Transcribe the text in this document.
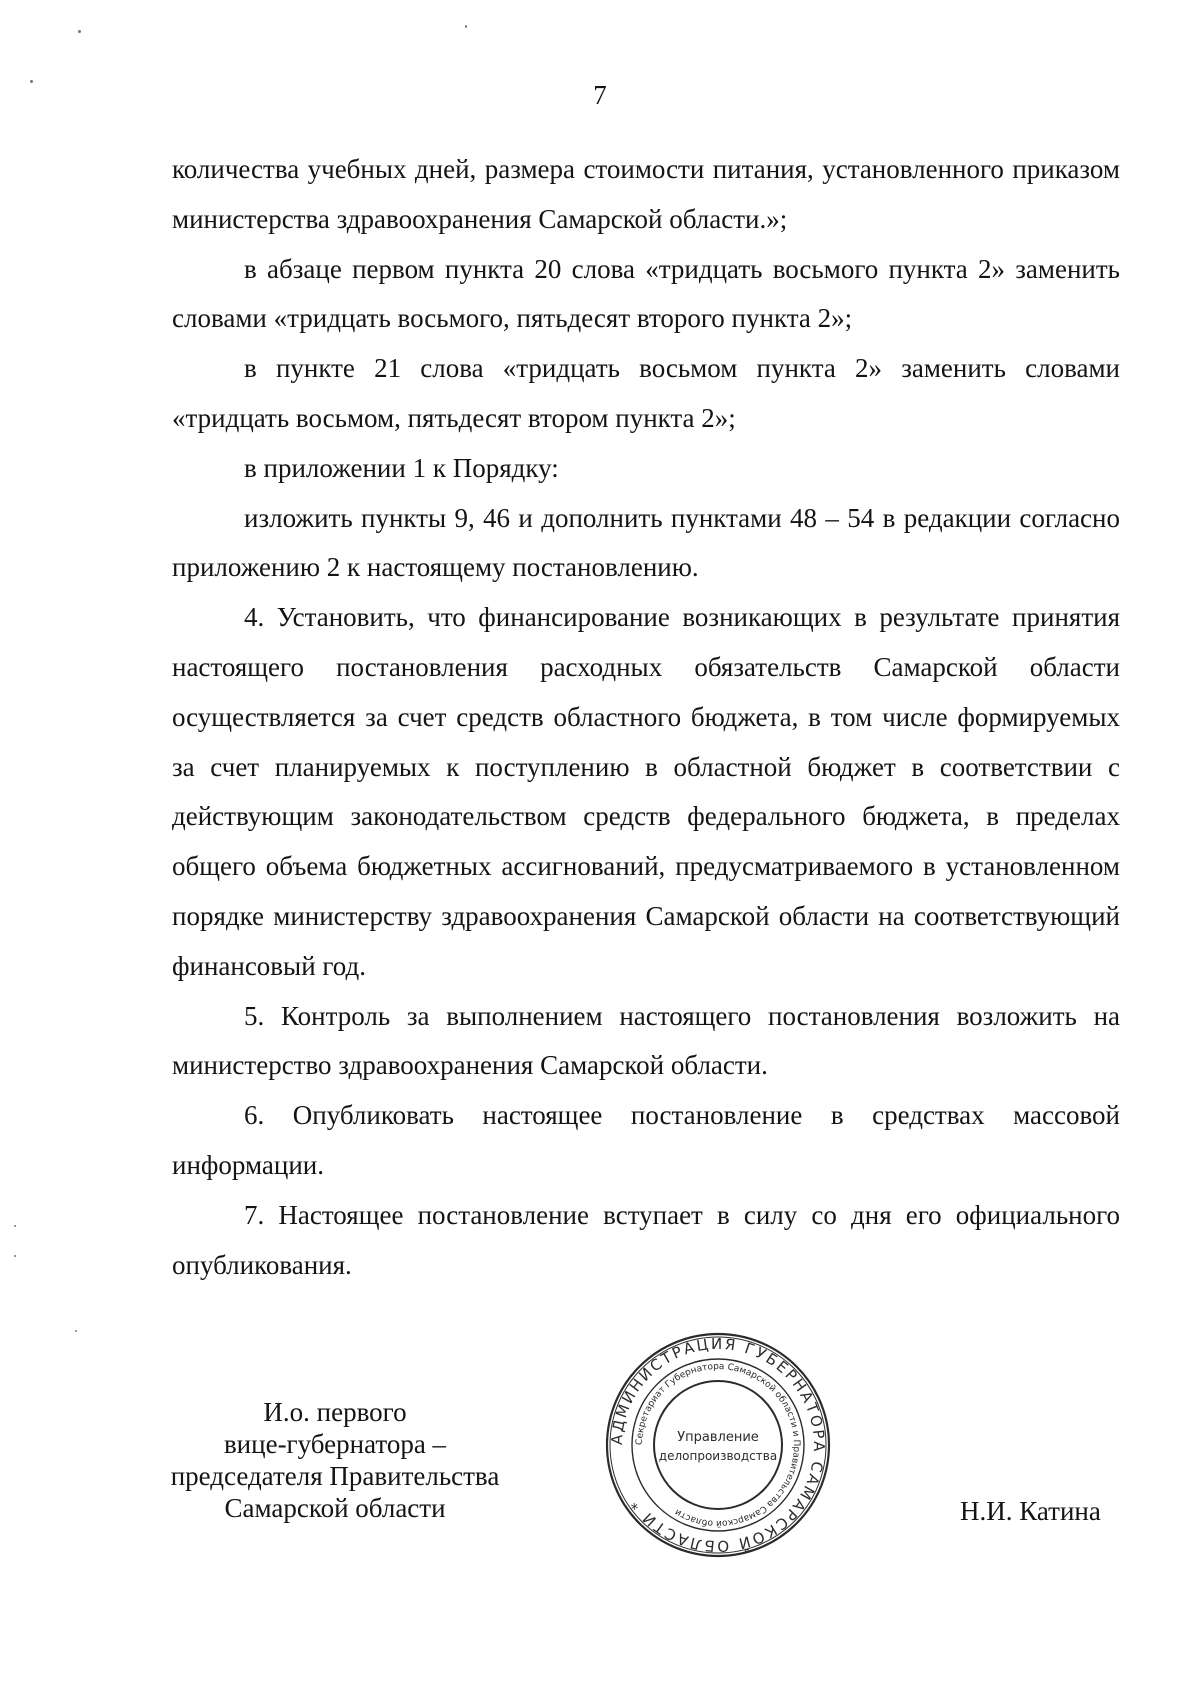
7

количества учебных дней, размера стоимости питания, установленного приказом министерства здравоохранения Самарской области.»;

в абзаце первом пункта 20 слова «тридцать восьмого пункта 2» заменить словами «тридцать восьмого, пятьдесят второго пункта 2»;

в пункте 21 слова «тридцать восьмом пункта 2» заменить словами «тридцать восьмом, пятьдесят втором пункта 2»;

в приложении 1 к Порядку:

изложить пункты 9, 46 и дополнить пунктами 48 – 54 в редакции согласно приложению 2 к настоящему постановлению.

4. Установить, что финансирование возникающих в результате принятия настоящего постановления расходных обязательств Самарской области осуществляется за счет средств областного бюджета, в том числе формируемых за счет планируемых к поступлению в областной бюджет в соответствии с действующим законодательством средств федерального бюджета, в пределах общего объема бюджетных ассигнований, предусматриваемого в установленном порядке министерству здравоохранения Самарской области на соответствующий финансовый год.

5. Контроль за выполнением настоящего постановления возложить на министерство здравоохранения Самарской области.

6. Опубликовать настоящее постановление в средствах массовой информации.

7. Настоящее постановление вступает в силу со дня его официального опубликования.

И.о. первого
вице-губернатора –
председателя Правительства
Самарской области	Н.И. Катина
АДМИНИСТРАЦИЯ ГУБЕРНАТОРА САМАРСКОЙ ОБЛАСТИ *
Секретариат Губернатора Самарской области и Правительства Самарской области
Управление
делопроизводства
